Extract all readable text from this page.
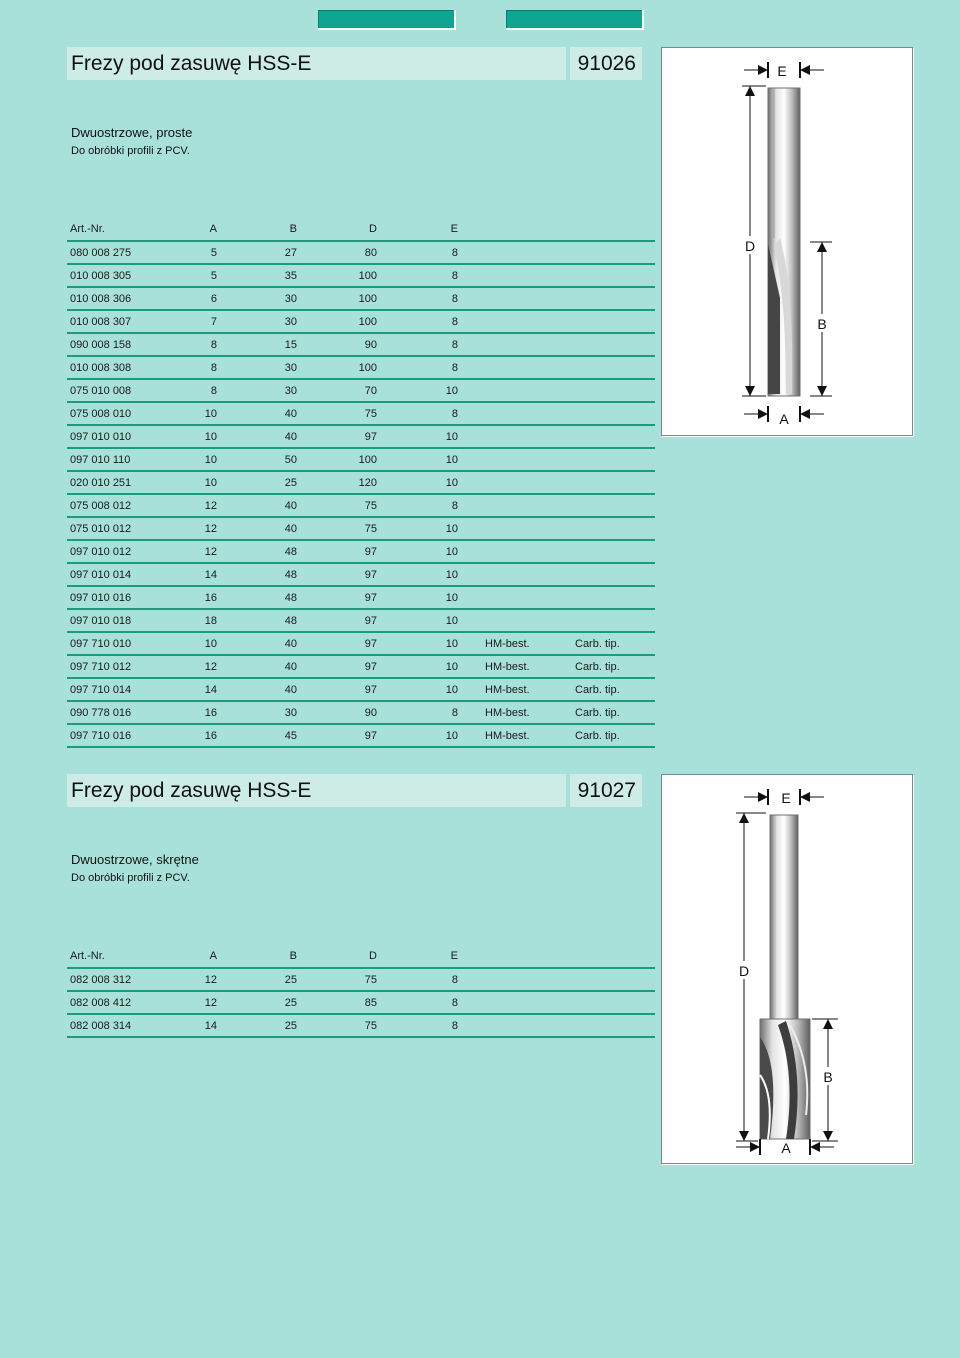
Frezy pod zasuwę HSS-E	91026
Dwuostrzowe, proste
Do obróbki profili z PCV.
Art.-Nr.	A	B	D	E		
080 008 275	5	27	80	8		
010 008 305	5	35	100	8		
010 008 306	6	30	100	8		
010 008 307	7	30	100	8		
090 008 158	8	15	90	8		
010 008 308	8	30	100	8		
075 010 008	8	30	70	10		
075 008 010	10	40	75	8		
097 010 010	10	40	97	10		
097 010 110	10	50	100	10		
020 010 251	10	25	120	10		
075 008 012	12	40	75	8		
075 010 012	12	40	75	10		
097 010 012	12	48	97	10		
097 010 014	14	48	97	10		
097 010 016	16	48	97	10		
097 010 018	18	48	97	10		
097 710 010	10	40	97	10	HM-best.	Carb. tip.
097 710 012	12	40	97	10	HM-best.	Carb. tip.
097 710 014	14	40	97	10	HM-best.	Carb. tip.
090 778 016	16	30	90	8	HM-best.	Carb. tip.
097 710 016	16	45	97	10	HM-best.	Carb. tip.
E
D
B
A
Frezy pod zasuwę HSS-E	91027
Dwuostrzowe, skrętne
Do obróbki profili z PCV.
Art.-Nr.	A	B	D	E		
082 008 312	12	25	75	8		
082 008 412	12	25	85	8		
082 008 314	14	25	75	8		
E
D
B
A
